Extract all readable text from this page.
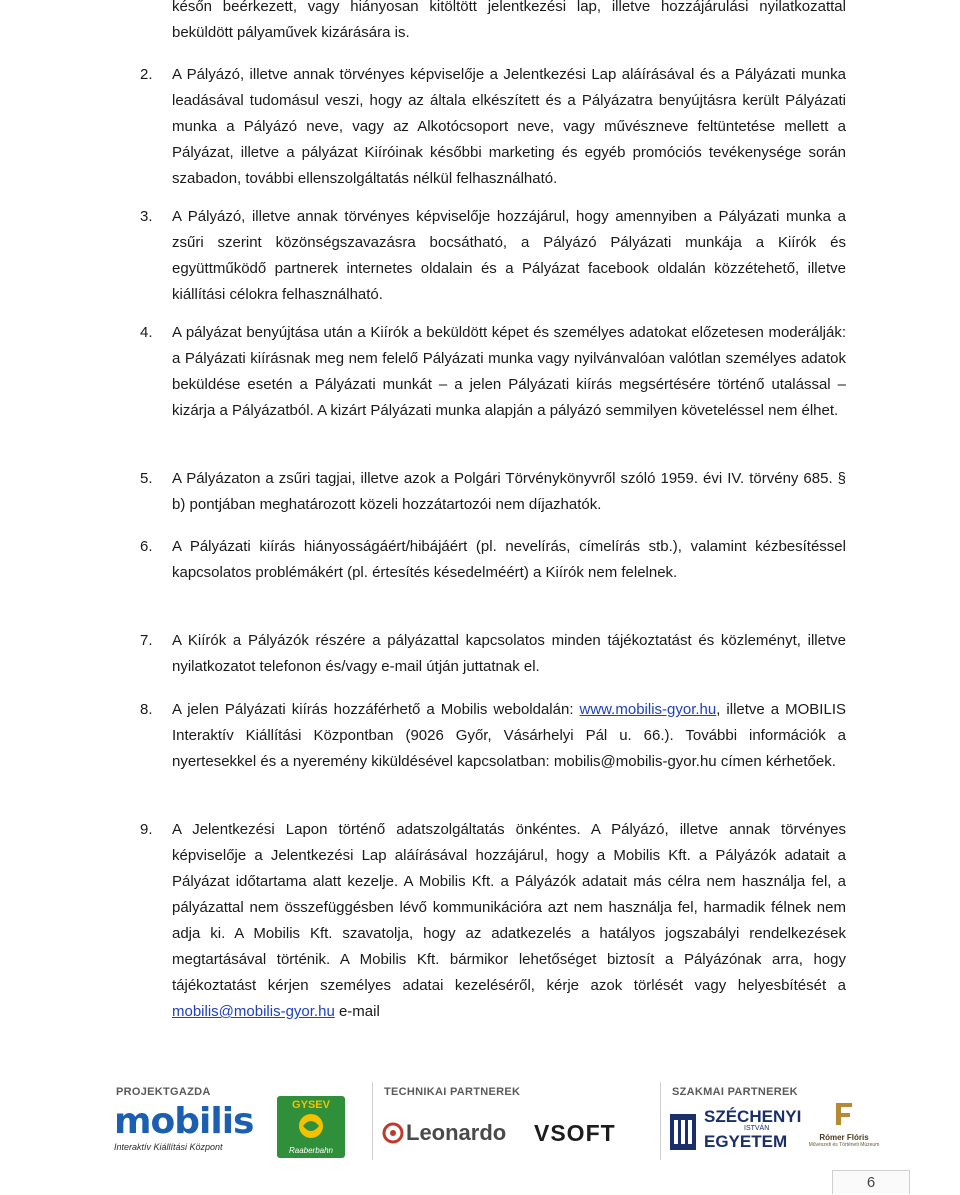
későn beérkezett, vagy hiányosan kitöltött jelentkezési lap, illetve hozzájárulási nyilatkozattal beküldött pályaművek kizárására is.
2.	A Pályázó, illetve annak törvényes képviselője a Jelentkezési Lap aláírásával és a Pályázati munka leadásával tudomásul veszi, hogy az általa elkészített és a Pályázatra benyújtásra került Pályázati munka a Pályázó neve, vagy az Alkotócsoport neve, vagy művészneve feltüntetése mellett a Pályázat, illetve a pályázat Kiíróinak későbbi marketing és egyéb promóciós tevékenysége során szabadon, további ellenszolgáltatás nélkül felhasználható.
3.	A Pályázó, illetve annak törvényes képviselője hozzájárul, hogy amennyiben a Pályázati munka a zsűri szerint közönségszavazásra bocsátható, a Pályázó Pályázati munkája a Kiírók és együttműködő partnerek internetes oldalain és a Pályázat facebook oldalán közzétehető, illetve kiállítási célokra felhasználható.
4.	A pályázat benyújtása után a Kiírók a beküldött képet és személyes adatokat előzetesen moderálják: a Pályázati kiírásnak meg nem felelő Pályázati munka vagy nyilvánvalóan valótlan személyes adatok beküldése esetén a Pályázati munkát – a jelen Pályázati kiírás megsértésére történő utalással – kizárja a Pályázatból. A kizárt Pályázati munka alapján a pályázó semmilyen követeléssel nem élhet.
5.	A Pályázaton a zsűri tagjai, illetve azok a Polgári Törvénykönyvről szóló 1959. évi IV. törvény 685. § b) pontjában meghatározott közeli hozzátartozói nem díjazhatók.
6.	A Pályázati kiírás hiányosságáért/hibájáért (pl. nevelírás, címelírás stb.), valamint kézbesítéssel kapcsolatos problémákért (pl. értesítés késedelméért) a Kiírók nem felelnek.
7.	A Kiírók a Pályázók részére a pályázattal kapcsolatos minden tájékoztatást és közleményt, illetve nyilatkozatot telefonon és/vagy e-mail útján juttatnak el.
8.	A jelen Pályázati kiírás hozzáférhető a Mobilis weboldalán: www.mobilis-gyor.hu, illetve a MOBILIS Interaktív Kiállítási Központban (9026 Győr, Vásárhelyi Pál u. 66.). További információk a nyertesekkel és a nyeremény kiküldésével kapcsolatban: mobilis@mobilis-gyor.hu címen kérhetőek.
9.	A Jelentkezési Lapon történő adatszolgáltatás önkéntes. A Pályázó, illetve annak törvényes képviselője a Jelentkezési Lap aláírásával hozzájárul, hogy a Mobilis Kft. a Pályázók adatait a Pályázat időtartama alatt kezelje. A Mobilis Kft. a Pályázók adatait más célra nem használja fel, a pályázattal nem összefüggésben lévő kommunikációra azt nem használja fel, harmadik félnek nem adja ki. A Mobilis Kft. szavatolja, hogy az adatkezelés a hatályos jogszabályi rendelkezések megtartásával történik. A Mobilis Kft. bármikor lehetőséget biztosít a Pályázónak arra, hogy tájékoztatást kérjen személyes adatai kezeléséről, kérje azok törlését vagy helyesbítését a mobilis@mobilis-gyor.hu e-mail
PROJEKTGAZDA	TECHNIKAI PARTNEREK	SZAKMAI PARTNEREK
mobilis
Interaktív Kiállítási Központ
GYSEV
Raaberbahn
Leonardo VSOFT
SZÉCHENYI
ISTVÁN
EGYETEM	Rómer Flóris
Művészeti és Történeti Múzeum
6
